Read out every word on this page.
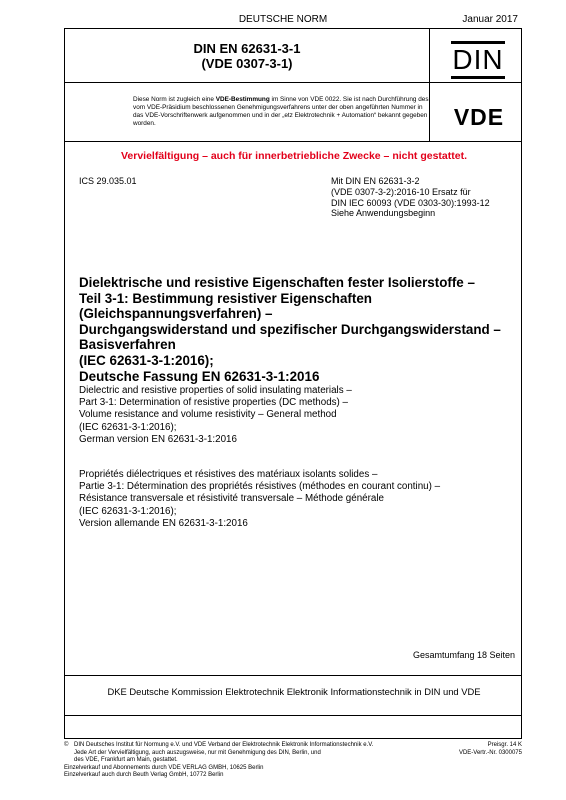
DEUTSCHE NORM	Januar 2017
DIN EN 62631-3-1
(VDE 0307-3-1)	DIN
Diese Norm ist zugleich eine VDE-Bestimmung im Sinne von VDE 0022. Sie ist nach Durchführung des vom VDE-Präsidium beschlossenen Genehmigungsverfahrens unter der oben angeführten Nummer in das VDE-Vorschriftenwerk aufgenommen und in der „etz Elektrotechnik + Automation“ bekannt gegeben worden.	VDE
Vervielfältigung – auch für innerbetriebliche Zwecke – nicht gestattet.
ICS 29.035.01	Mit DIN EN 62631-3-2
(VDE 0307-3-2):2016-10 Ersatz für
DIN IEC 60093 (VDE 0303-30):1993-12
Siehe Anwendungsbeginn
Dielektrische und resistive Eigenschaften fester Isolierstoffe –
Teil 3-1: Bestimmung resistiver Eigenschaften
(Gleichspannungsverfahren) –
Durchgangswiderstand und spezifischer Durchgangswiderstand –
Basisverfahren
(IEC 62631-3-1:2016);
Deutsche Fassung EN 62631-3-1:2016
Dielectric and resistive properties of solid insulating materials –
Part 3-1: Determination of resistive properties (DC methods) –
Volume resistance and volume resistivity – General method
(IEC 62631-3-1:2016);
German version EN 62631-3-1:2016
Propriétés diélectriques et résistives des matériaux isolants solides –
Partie 3-1: Détermination des propriétés résistives (méthodes en courant continu) –
Résistance transversale et résistivité transversale – Méthode générale
(IEC 62631-3-1:2016);
Version allemande EN 62631-3-1:2016
Gesamtumfang 18 Seiten
DKE Deutsche Kommission Elektrotechnik Elektronik Informationstechnik in DIN und VDE
© DIN Deutsches Institut für Normung e.V. und VDE Verband der Elektrotechnik Elektronik Informationstechnik e.V.
Jede Art der Vervielfältigung, auch auszugsweise, nur mit Genehmigung des DIN, Berlin, und
des VDE, Frankfurt am Main, gestattet.
Einzelverkauf und Abonnements durch VDE VERLAG GMBH, 10625 Berlin
Einzelverkauf auch durch Beuth Verlag GmbH, 10772 Berlin
Preisgr. 14 K
VDE-Vertr.-Nr. 0300075
